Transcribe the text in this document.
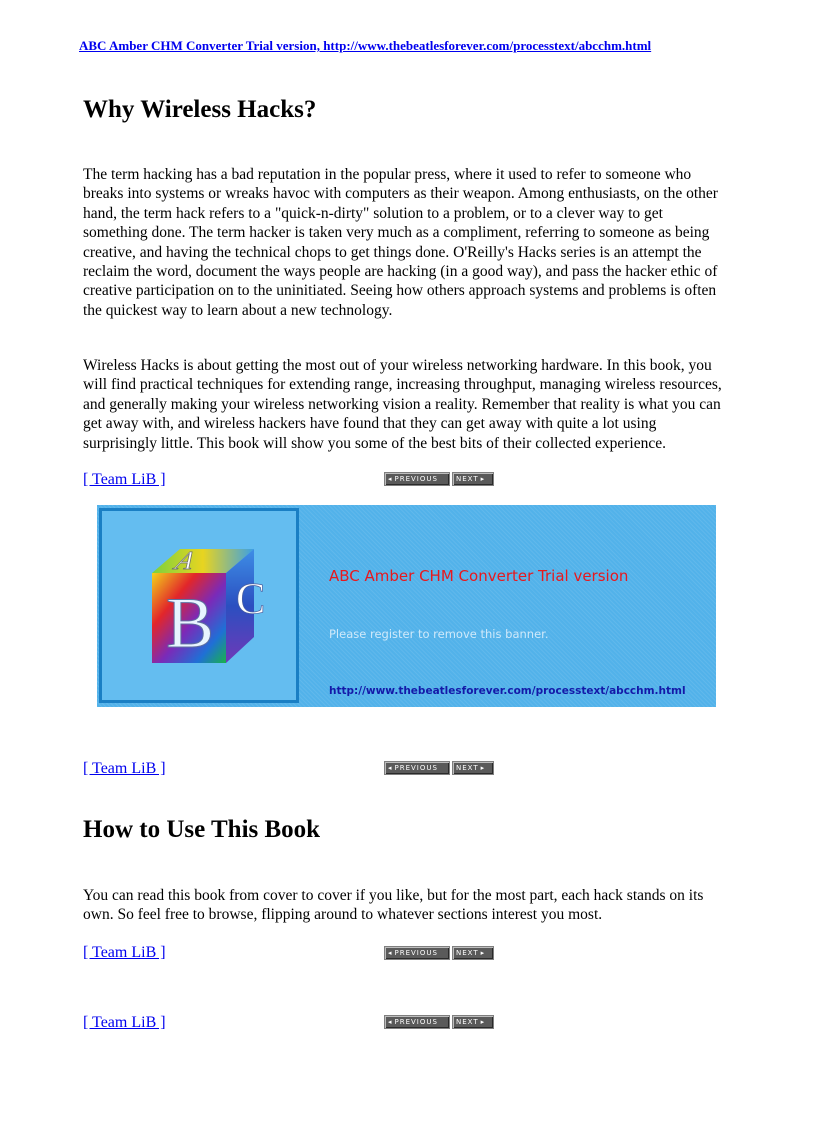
ABC Amber CHM Converter Trial version, http://www.thebeatlesforever.com/processtext/abcchm.html
Why Wireless Hacks?

The term hacking has a bad reputation in the popular press, where it used to refer to someone who breaks into systems or wreaks havoc with computers as their weapon. Among enthusiasts, on the other hand, the term hack refers to a "quick-n-dirty" solution to a problem, or to a clever way to get something done. The term hacker is taken very much as a compliment, referring to someone as being creative, and having the technical chops to get things done. O'Reilly's Hacks series is an attempt the reclaim the word, document the ways people are hacking (in a good way), and pass the hacker ethic of creative participation on to the uninitiated. Seeing how others approach systems and problems is often the quickest way to learn about a new technology.

Wireless Hacks is about getting the most out of your wireless networking hardware. In this book, you will find practical techniques for extending range, increasing throughput, managing wireless resources, and generally making your wireless networking vision a reality. Remember that reality is what you can get away with, and wireless hackers have found that they can get away with quite a lot using surprisingly little. This book will show you some of the best bits of their collected experience.

[ Team LiB ]	◂ PREVIOUS	NEXT ▸
B
A
C	ABC Amber CHM Converter Trial version
Please register to remove this banner.
http://www.thebeatlesforever.com/processtext/abcchm.html
[ Team LiB ]	◂ PREVIOUS	NEXT ▸
How to Use This Book

You can read this book from cover to cover if you like, but for the most part, each hack stands on its own. So feel free to browse, flipping around to whatever sections interest you most.

[ Team LiB ]	◂ PREVIOUS	NEXT ▸
[ Team LiB ]	◂ PREVIOUS	NEXT ▸
